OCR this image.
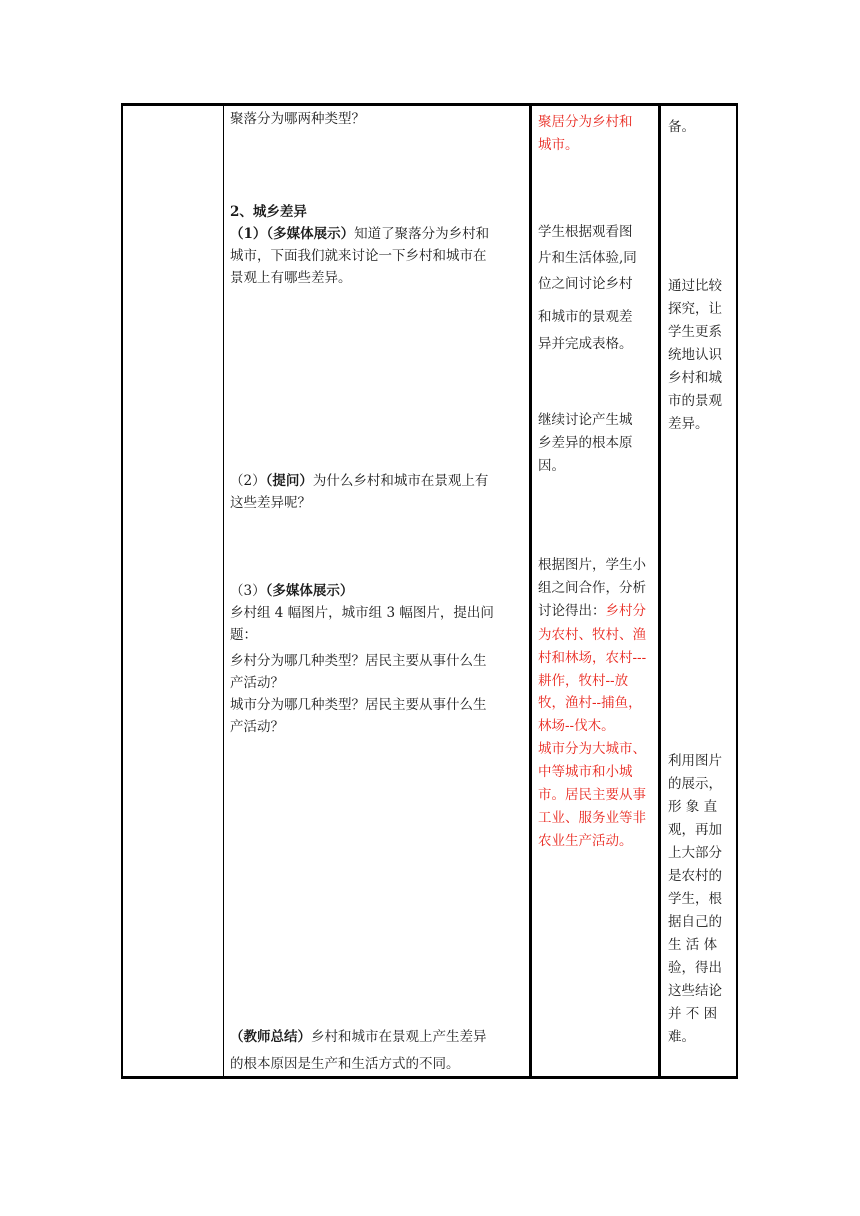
聚落分为哪两种类型？
2、城乡差异
（1）（多媒体展示）知道了聚落分为乡村和
城市，下面我们就来讨论一下乡村和城市在
景观上有哪些差异。
（2）（提问）为什么乡村和城市在景观上有
这些差异呢？
（3）（多媒体展示）
乡村组 4 幅图片，城市组 3 幅图片，提出问
题：
乡村分为哪几种类型？居民主要从事什么生
产活动？
城市分为哪几种类型？居民主要从事什么生
产活动？
（教师总结）乡村和城市在景观上产生差异
的根本原因是生产和生活方式的不同。
聚居分为乡村和
城市。
学生根据观看图
片和生活体验,同
位之间讨论乡村
和城市的景观差
异并完成表格。
继续讨论产生城
乡差异的根本原
因。
根据图片，学生小
组之间合作，分析
讨论得出：乡村分
为农村、牧村、渔
村和林场，农村---
耕作，牧村--放
牧，渔村--捕鱼，
林场--伐木。
城市分为大城市、
中等城市和小城
市。居民主要从事
工业、服务业等非
农业生产活动。
备。
通过比较
探究，让
学生更系
统地认识
乡村和城
市的景观
差异。
利用图片
的展示，
形 象 直
观，再加
上大部分
是农村的
学生，根
据自己的
生 活 体
验，得出
这些结论
并 不 困
难。
